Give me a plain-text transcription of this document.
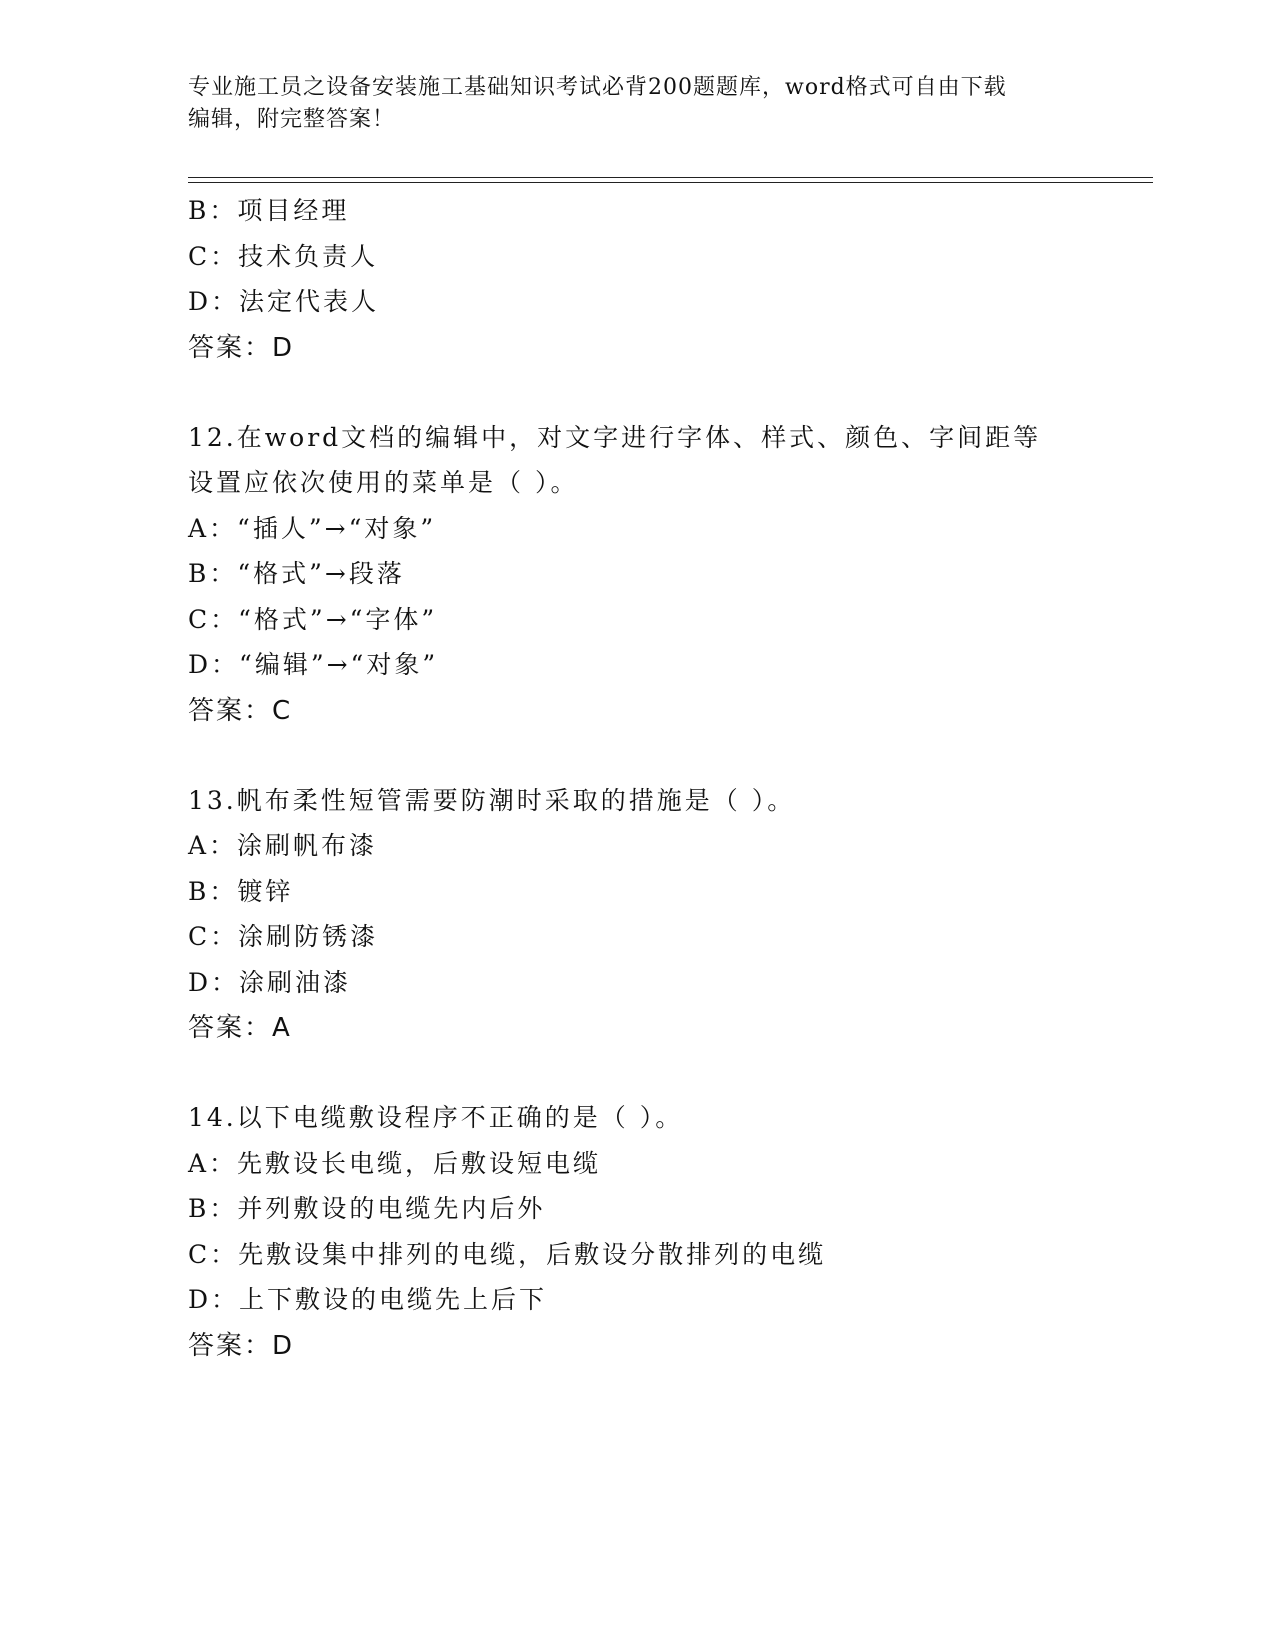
专业施工员之设备安装施工基础知识考试必背200题题库，word格式可自由下载
编辑，附完整答案！
B：项目经理
C：技术负责人
D：法定代表人
答案：D
12.在word文档的编辑中，对文字进行字体、样式、颜色、字间距等
设置应依次使用的菜单是（ ）。
A：“插人”→“对象”
B：“格式”→段落
C：“格式”→“字体”
D：“编辑”→“对象”
答案：C
13.帆布柔性短管需要防潮时采取的措施是（ ）。
A：涂刷帆布漆
B：镀锌
C：涂刷防锈漆
D：涂刷油漆
答案：A
14.以下电缆敷设程序不正确的是（ ）。
A：先敷设长电缆，后敷设短电缆
B：并列敷设的电缆先内后外
C：先敷设集中排列的电缆，后敷设分散排列的电缆
D：上下敷设的电缆先上后下
答案：D
